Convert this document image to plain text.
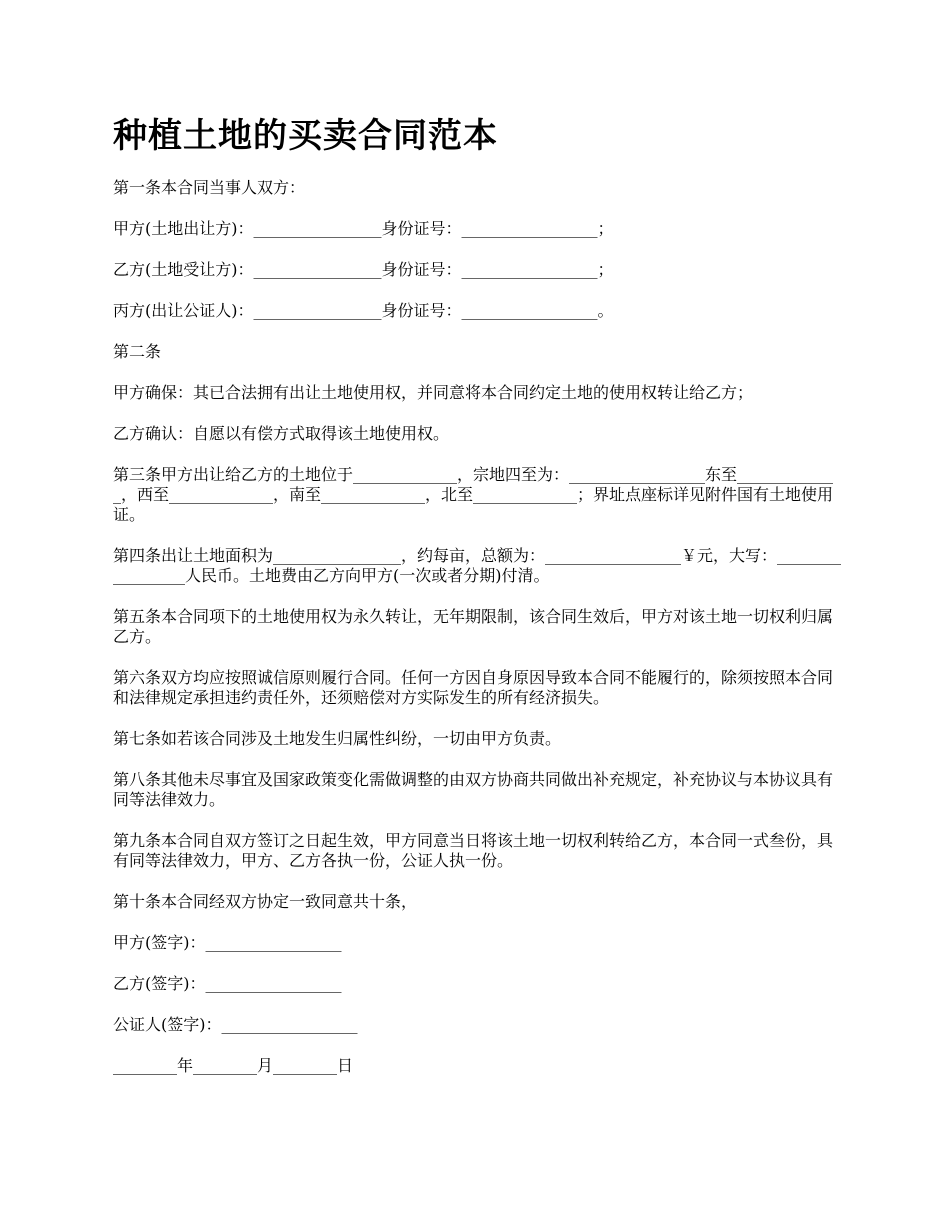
种植土地的买卖合同范本

第一条本合同当事人双方：

甲方(土地出让方)：________________身份证号：_________________；

乙方(土地受让方)：________________身份证号：_________________；

丙方(出让公证人)：________________身份证号：_________________。

第二条

甲方确保：其已合法拥有出让土地使用权，并同意将本合同约定土地的使用权转让给乙方；

乙方确认：自愿以有偿方式取得该土地使用权。

第三条甲方出让给乙方的土地位于_____________，宗地四至为：_________________东至_____________，西至_____________，南至_____________，北至_____________；界址点座标详见附件国有土地使用证。

第四条出让土地面积为________________，约每亩，总额为：_________________￥元，大写：_________________人民币。土地费由乙方向甲方(一次或者分期)付清。

第五条本合同项下的土地使用权为永久转让，无年期限制，该合同生效后，甲方对该土地一切权利归属乙方。

第六条双方均应按照诚信原则履行合同。任何一方因自身原因导致本合同不能履行的，除须按照本合同和法律规定承担违约责任外，还须赔偿对方实际发生的所有经济损失。

第七条如若该合同涉及土地发生归属性纠纷，一切由甲方负责。

第八条其他未尽事宜及国家政策变化需做调整的由双方协商共同做出补充规定，补充协议与本协议具有同等法律效力。

第九条本合同自双方签订之日起生效，甲方同意当日将该土地一切权利转给乙方，本合同一式叁份，具有同等法律效力，甲方、乙方各执一份，公证人执一份。

第十条本合同经双方协定一致同意共十条，

甲方(签字)：_________________

乙方(签字)：_________________

公证人(签字)：_________________

________年________月________日
